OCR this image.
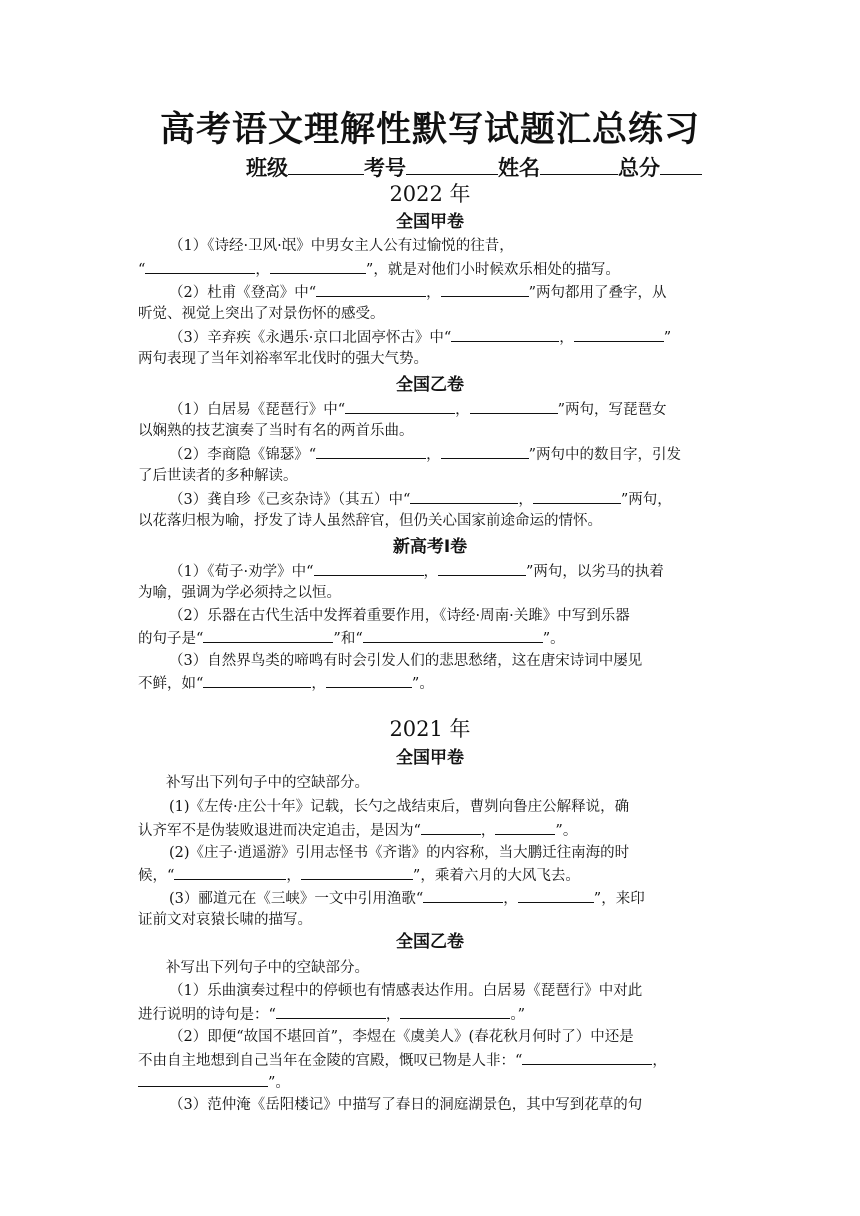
高考语文理解性默写试题汇总练习
班级	考号	姓名	总分
2022 年
全国甲卷
（1）《诗经·卫风·氓》中男女主人公有过愉悦的往昔，
“	，	”，就是对他们小时候欢乐相处的描写。
（2）杜甫《登高》中“	，	”两句都用了叠字，从
听觉、视觉上突出了对景伤怀的感受。
（3）辛弃疾《永遇乐·京口北固亭怀古》中“	，	”
两句表现了当年刘裕率军北伐时的强大气势。
全国乙卷
（1）白居易《琵琶行》中“	，	”两句，写琵琶女
以娴熟的技艺演奏了当时有名的两首乐曲。
（2）李商隐《锦瑟》“	，	”两句中的数目字，引发
了后世读者的多种解读。
（3）龚自珍《己亥杂诗》（其五）中“	，	”两句，
以花落归根为喻，抒发了诗人虽然辞官，但仍关心国家前途命运的情怀。
新高考Ⅰ卷
（1）《荀子·劝学》中“	，	”两句，以劣马的执着
为喻，强调为学必须持之以恒。
（2）乐器在古代生活中发挥着重要作用，《诗经·周南·关雎》中写到乐器
的句子是“	”和“	”。
（3）自然界鸟类的啼鸣有时会引发人们的悲思愁绪，这在唐宋诗词中屡见
不鲜，如“	，	”。
2021 年
全国甲卷
补写出下列句子中的空缺部分。
(1)《左传·庄公十年》记载，长勺之战结束后，曹刿向鲁庄公解释说，确
认齐军不是伪装败退进而决定追击，是因为“	，	”。
(2)《庄子·逍遥游》引用志怪书《齐谐》的内容称，当大鹏迁往南海的时
候，“	，	”，乘着六月的大风飞去。
(3）郦道元在《三峡》一文中引用渔歌“	，	”，来印
证前文对哀猿长啸的描写。
全国乙卷
补写出下列句子中的空缺部分。
（1）乐曲演奏过程中的停顿也有情感表达作用。白居易《琵琶行》中对此
进行说明的诗句是：“	，	。”
（2）即便“故国不堪回首”，李煜在《虞美人》(春花秋月何时了）中还是
不由自主地想到自己当年在金陵的宫殿，慨叹已物是人非：“	，
”。
（3）范仲淹《岳阳楼记》中描写了春日的洞庭湖景色，其中写到花草的句
